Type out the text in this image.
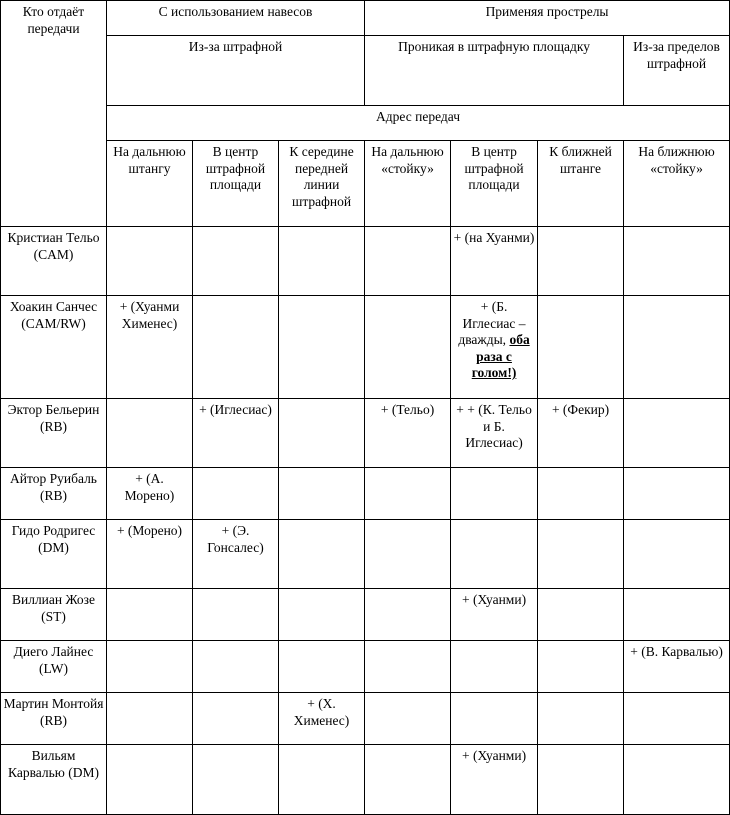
Кто отдаёт передачи	С использованием навесов			Применяя прострелы			
	Из-за штрафной			Проникая в штрафную площадку			Из-за пределов штрафной
	Адрес передач						
	На дальнюю штангу	В центр штрафной площади	К середине передней линии штрафной	На дальнюю «стойку»	В центр штрафной площади	К ближней штанге	На ближнюю «стойку»
Кристиан Тельо (CAM)					+ (на Хуанми)		
Хоакин Санчес (CAM/RW)	+ (Хуанми Хименес)				+ (Б. Иглесиас – дважды, оба раза с голом!)		
Эктор Бельерин (RB)		+ (Иглесиас)		+ (Тельо)	+ + (К. Тельо и Б. Иглесиас)	+ (Фекир)	
Айтор Руибаль (RB)	+ (А. Морено)						
Гидо Родригес (DM)	+ (Морено)	+ (Э. Гонсалес)					
Виллиан Жозе (ST)					+ (Хуанми)		
Диего Лайнес (LW)							+ (В. Карвалью)
Мартин Монтойя (RB)			+ (Х. Хименес)				
Вильям Карвалью (DM)					+ (Хуанми)		
